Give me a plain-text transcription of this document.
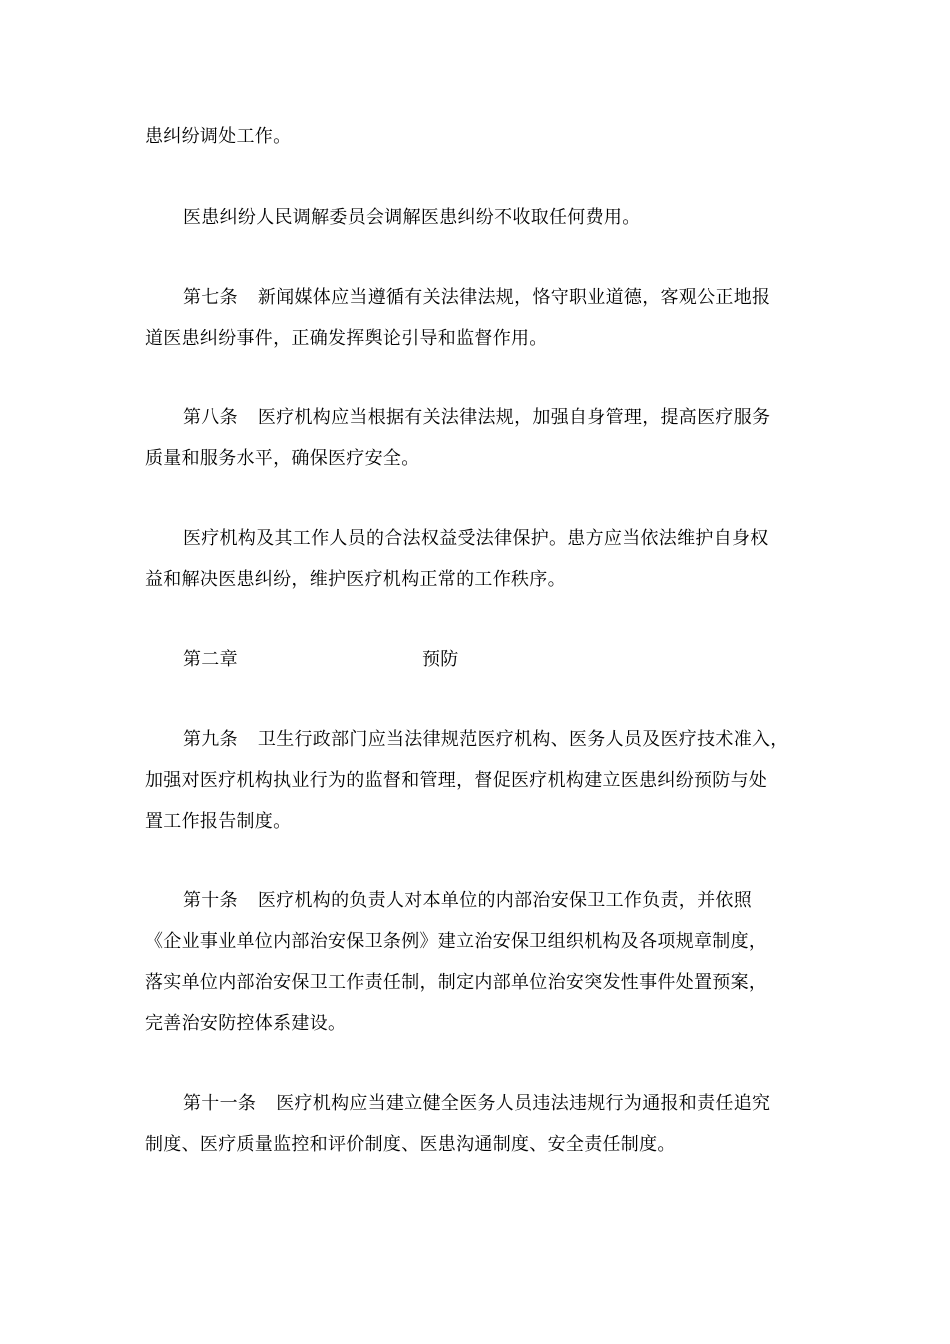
患纠纷调处工作。
医患纠纷人民调解委员会调解医患纠纷不收取任何费用。
第七条 新闻媒体应当遵循有关法律法规，恪守职业道德，客观公正地报
道医患纠纷事件，正确发挥舆论引导和监督作用。
第八条 医疗机构应当根据有关法律法规，加强自身管理，提高医疗服务
质量和服务水平，确保医疗安全。
医疗机构及其工作人员的合法权益受法律保护。患方应当依法维护自身权
益和解决医患纠纷，维护医疗机构正常的工作秩序。
第二章	预防
第九条 卫生行政部门应当法律规范医疗机构、医务人员及医疗技术准入，
加强对医疗机构执业行为的监督和管理，督促医疗机构建立医患纠纷预防与处
置工作报告制度。
第十条 医疗机构的负责人对本单位的内部治安保卫工作负责，并依照
《企业事业单位内部治安保卫条例》建立治安保卫组织机构及各项规章制度，
落实单位内部治安保卫工作责任制，制定内部单位治安突发性事件处置预案，
完善治安防控体系建设。
第十一条 医疗机构应当建立健全医务人员违法违规行为通报和责任追究
制度、医疗质量监控和评价制度、医患沟通制度、安全责任制度。
